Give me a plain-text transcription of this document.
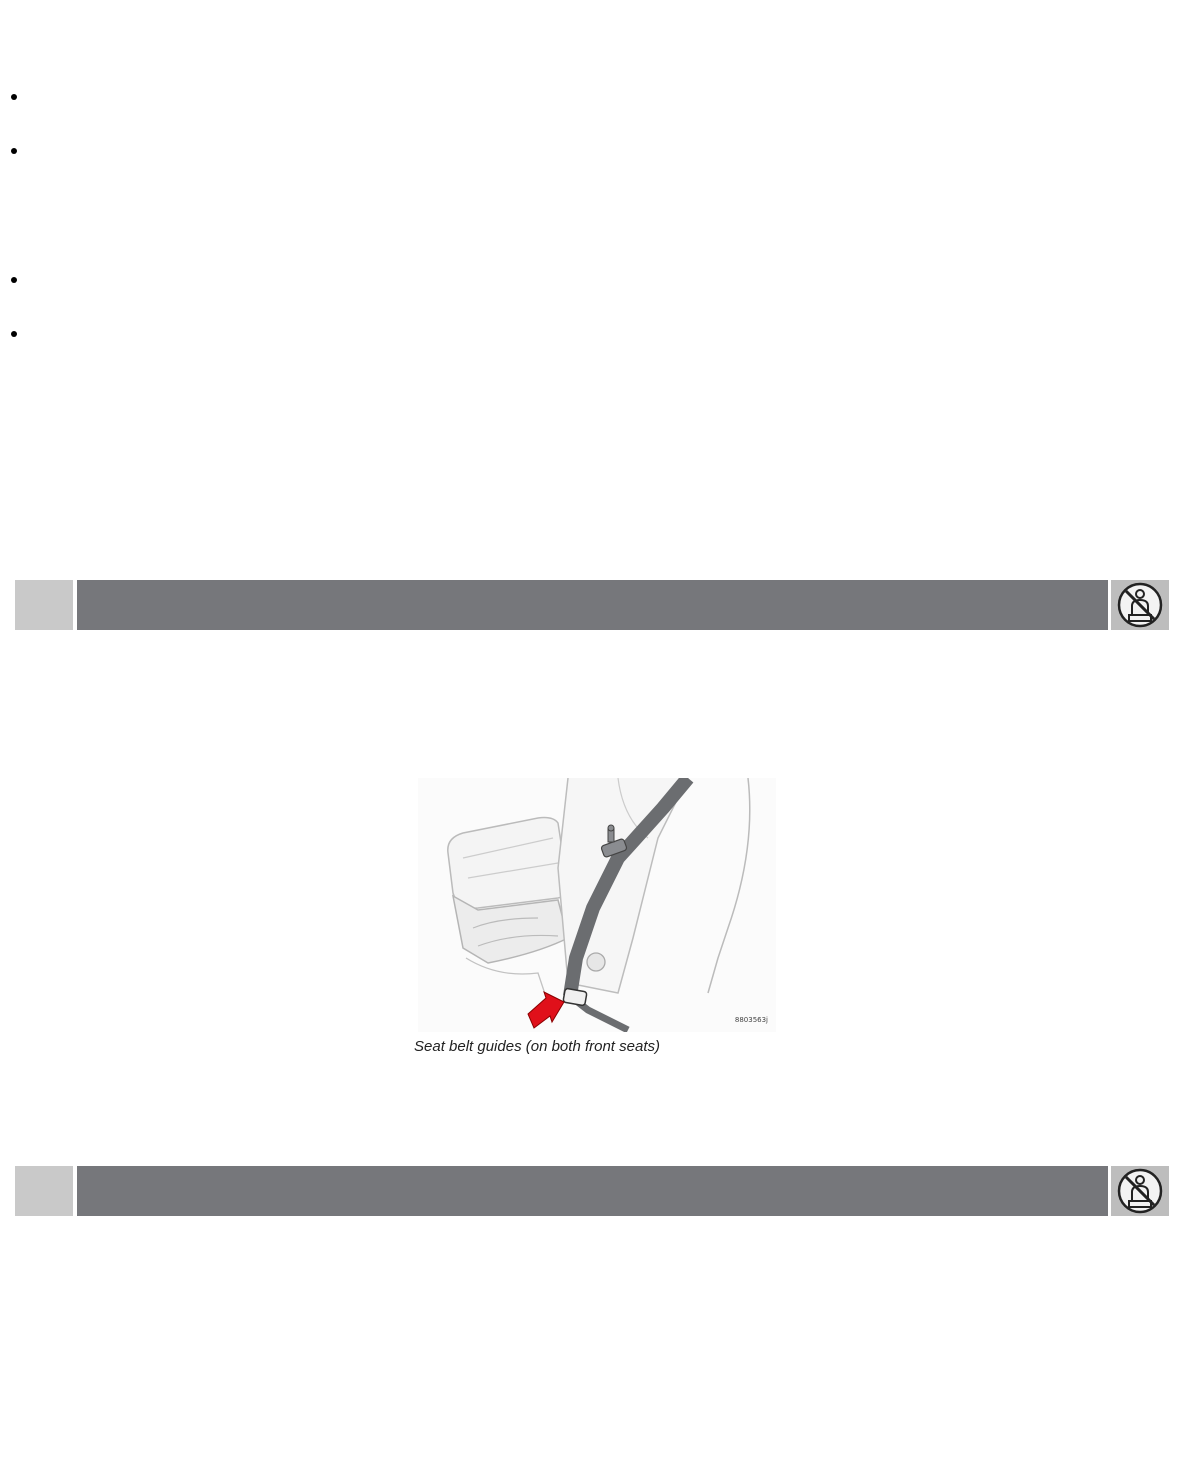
8803563j
Seat belt guides (on both front seats)
